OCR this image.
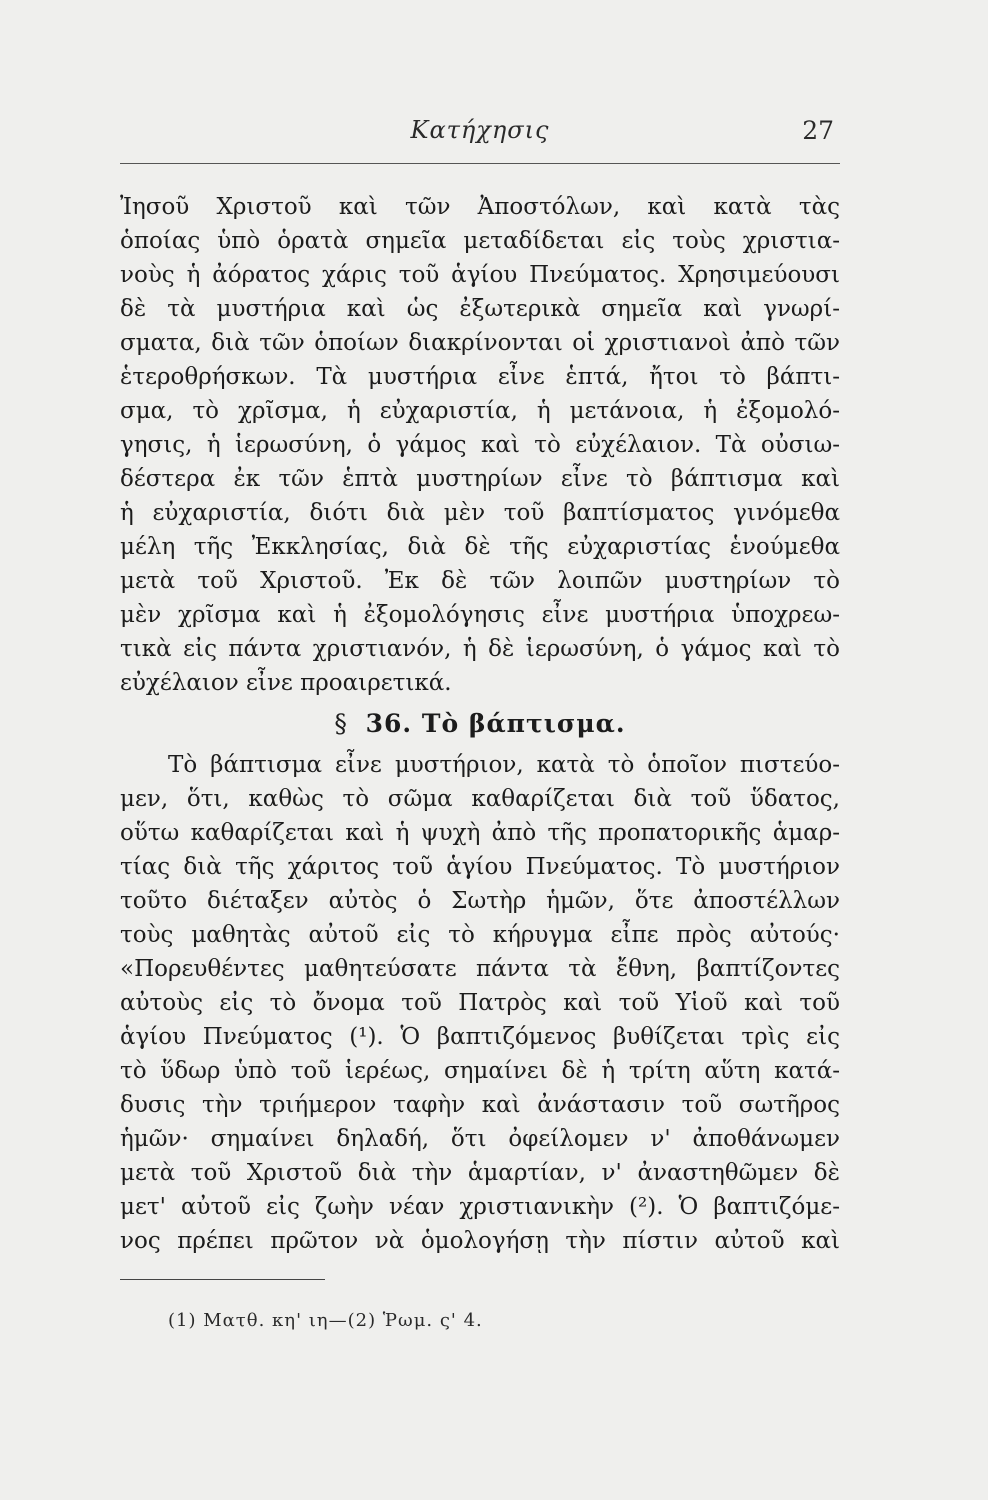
Κατήχησις	27
Ἰησοῦ Χριστοῦ καὶ τῶν Ἀποστόλων, καὶ κατὰ τὰς
ὁποίας ὑπὸ ὁρατὰ σημεῖα μεταδίδεται εἰς τοὺς χριστια-
νοὺς ἡ ἀόρατος χάρις τοῦ ἁγίου Πνεύματος. Χρησιμεύουσι
δὲ τὰ μυστήρια καὶ ὡς ἐξωτερικὰ σημεῖα καὶ γνωρί-
σματα, διὰ τῶν ὁποίων διακρίνονται οἱ χριστιανοὶ ἀπὸ τῶν
ἑτεροθρήσκων. Τὰ μυστήρια εἶνε ἑπτά, ἤτοι τὸ βάπτι-
σμα, τὸ χρῖσμα, ἡ εὐχαριστία, ἡ μετάνοια, ἡ ἐξομολό-
γησις, ἡ ἱερωσύνη, ὁ γάμος καὶ τὸ εὐχέλαιον. Τὰ οὐσιω-
δέστερα ἐκ τῶν ἑπτὰ μυστηρίων εἶνε τὸ βάπτισμα καὶ
ἡ εὐχαριστία, διότι διὰ μὲν τοῦ βαπτίσματος γινόμεθα
μέλη τῆς Ἐκκλησίας, διὰ δὲ τῆς εὐχαριστίας ἑνούμεθα
μετὰ τοῦ Χριστοῦ. Ἐκ δὲ τῶν λοιπῶν μυστηρίων τὸ
μὲν χρῖσμα καὶ ἡ ἐξομολόγησις εἶνε μυστήρια ὑποχρεω-
τικὰ εἰς πάντα χριστιανόν, ἡ δὲ ἱερωσύνη, ὁ γάμος καὶ τὸ
εὐχέλαιον εἶνε προαιρετικά.
§ 36. Τὸ βάπτισμα.
Τὸ βάπτισμα εἶνε μυστήριον, κατὰ τὸ ὁποῖον πιστεύο-
μεν, ὅτι, καθὼς τὸ σῶμα καθαρίζεται διὰ τοῦ ὕδατος,
οὕτω καθαρίζεται καὶ ἡ ψυχὴ ἀπὸ τῆς προπατορικῆς ἁμαρ-
τίας διὰ τῆς χάριτος τοῦ ἁγίου Πνεύματος. Τὸ μυστήριον
τοῦτο διέταξεν αὐτὸς ὁ Σωτὴρ ἡμῶν, ὅτε ἀποστέλλων
τοὺς μαθητὰς αὐτοῦ εἰς τὸ κήρυγμα εἶπε πρὸς αὐτούς·
«Πορευθέντες μαθητεύσατε πάντα τὰ ἔθνη, βαπτίζοντες
αὐτοὺς εἰς τὸ ὄνομα τοῦ Πατρὸς καὶ τοῦ Υἱοῦ καὶ τοῦ
ἁγίου Πνεύματος (¹). Ὁ βαπτιζόμενος βυθίζεται τρὶς εἰς
τὸ ὕδωρ ὑπὸ τοῦ ἱερέως, σημαίνει δὲ ἡ τρίτη αὕτη κατά-
δυσις τὴν τριήμερον ταφὴν καὶ ἀνάστασιν τοῦ σωτῆρος
ἡμῶν· σημαίνει δηλαδή, ὅτι ὀφείλομεν ν' ἀποθάνωμεν
μετὰ τοῦ Χριστοῦ διὰ τὴν ἁμαρτίαν, ν' ἀναστηθῶμεν δὲ
μετ' αὐτοῦ εἰς ζωὴν νέαν χριστιανικὴν (²). Ὁ βαπτιζόμε-
νος πρέπει πρῶτον νὰ ὁμολογήσῃ τὴν πίστιν αὐτοῦ καὶ
(1) Ματθ. κη' ιη—(2) Ῥωμ. ς' 4.
